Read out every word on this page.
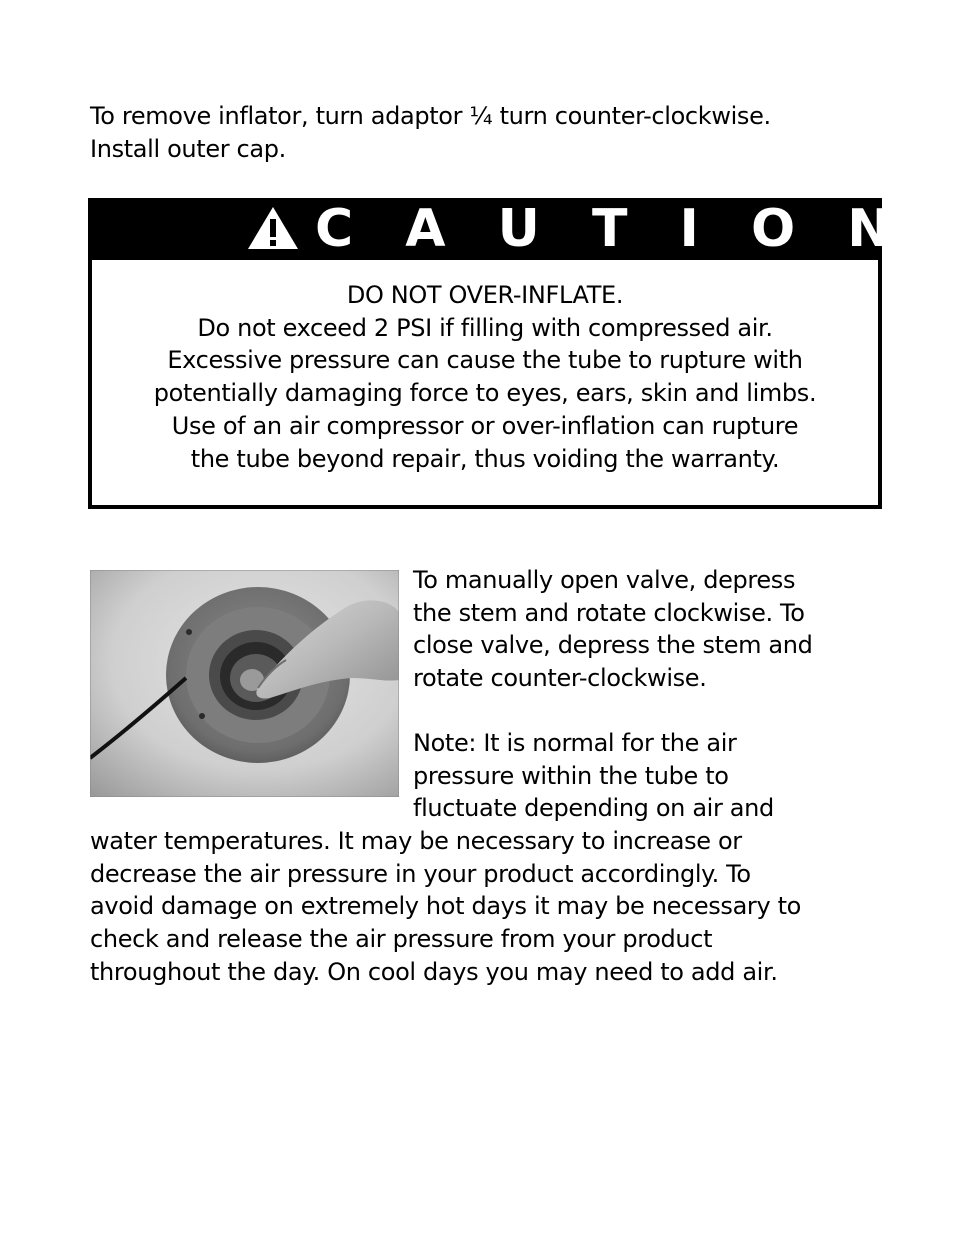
To remove inflator, turn adaptor ¼ turn counter-clockwise.
Install outer cap.
C A U T I O N
DO NOT OVER-INFLATE.
Do not exceed 2 PSI if filling with compressed air.
Excessive pressure can cause the tube to rupture with
potentially damaging force to eyes, ears, skin and limbs.
Use of an air compressor or over-inflation can rupture
the tube beyond repair, thus voiding the warranty.
To manually open valve, depress
the stem and rotate clockwise. To
close valve, depress the stem and
rotate counter-clockwise.
Note: It is normal for the air
pressure within the tube to
fluctuate depending on air and
water temperatures. It may be necessary to increase or
decrease the air pressure in your product accordingly. To
avoid damage on extremely hot days it may be necessary to
check and release the air pressure from your product
throughout the day. On cool days you may need to add air.
